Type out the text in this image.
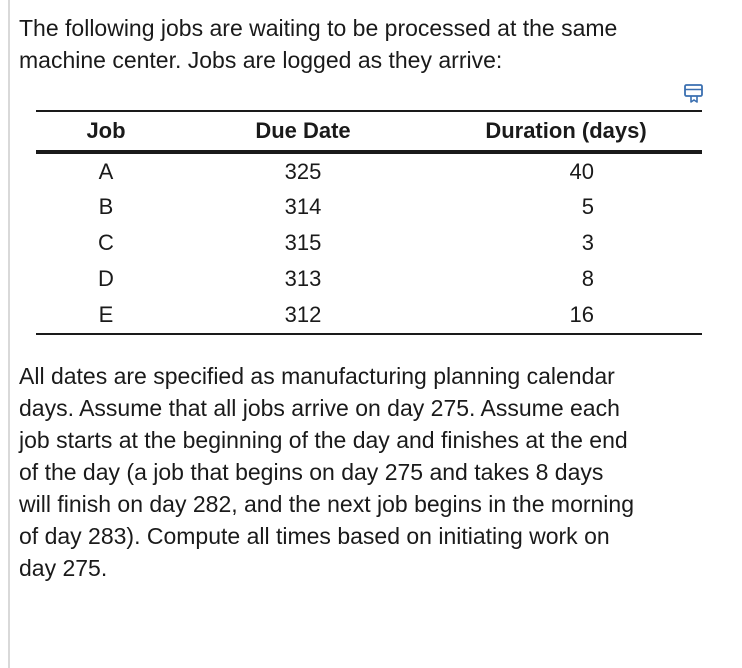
The following jobs are waiting to be processed at the same
machine center. Jobs are logged as they arrive:

Job	Due Date	Duration (days)
A	325	40
B	314	5
C	315	3
D	313	8
E	312	16

All dates are specified as manufacturing planning calendar
days. Assume that all jobs arrive on day 275. Assume each
job starts at the beginning of the day and finishes at the end
of the day (a job that begins on day 275 and takes 8 days
will finish on day 282, and the next job begins in the morning
of day 283). Compute all times based on initiating work on
day 275.
